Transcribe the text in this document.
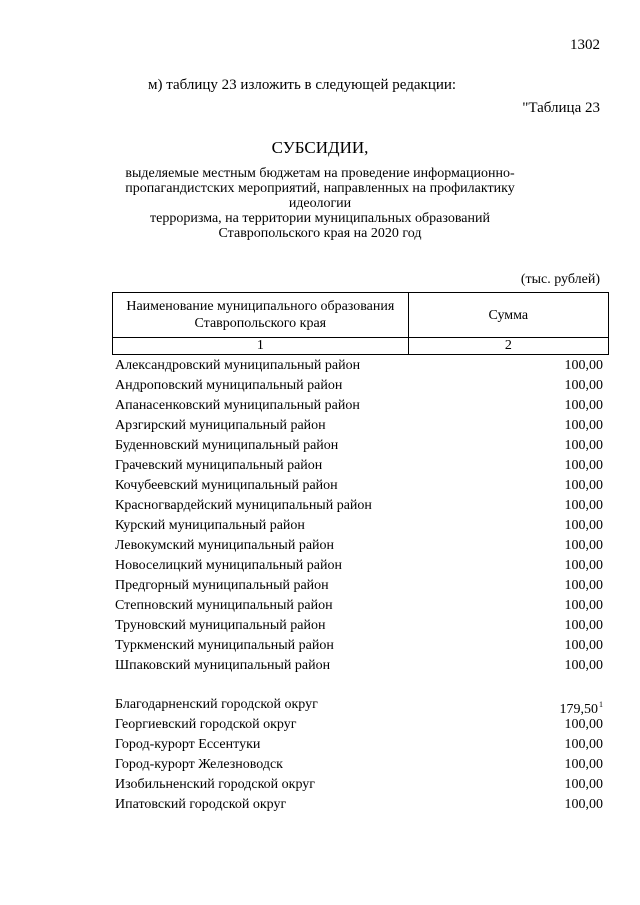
1302
м) таблицу 23 изложить в следующей редакции:
"Таблица 23
СУБСИДИИ,
выделяемые местным бюджетам на проведение информационно-
пропагандистских мероприятий, направленных на профилактику идеологии
терроризма, на территории муниципальных образований
Ставропольского края на 2020 год
(тыс. рублей)
Наименование муниципального образования Ставропольского края	Сумма
1	2
Александровский муниципальный район	100,00
Андроповский муниципальный район	100,00
Апанасенковский муниципальный район	100,00
Арзгирский муниципальный район	100,00
Буденновский муниципальный район	100,00
Грачевский муниципальный район	100,00
Кочубеевский муниципальный район	100,00
Красногвардейский муниципальный район	100,00
Курский муниципальный район	100,00
Левокумский муниципальный район	100,00
Новоселицкий муниципальный район	100,00
Предгорный муниципальный район	100,00
Степновский муниципальный район	100,00
Труновский муниципальный район	100,00
Туркменский муниципальный район	100,00
Шпаковский муниципальный район	100,00
Благодарненский городской округ	179,50$^1$
Георгиевский городской округ	100,00
Город-курорт Ессентуки	100,00
Город-курорт Железноводск	100,00
Изобильненский городской округ	100,00
Ипатовский городской округ	100,00
